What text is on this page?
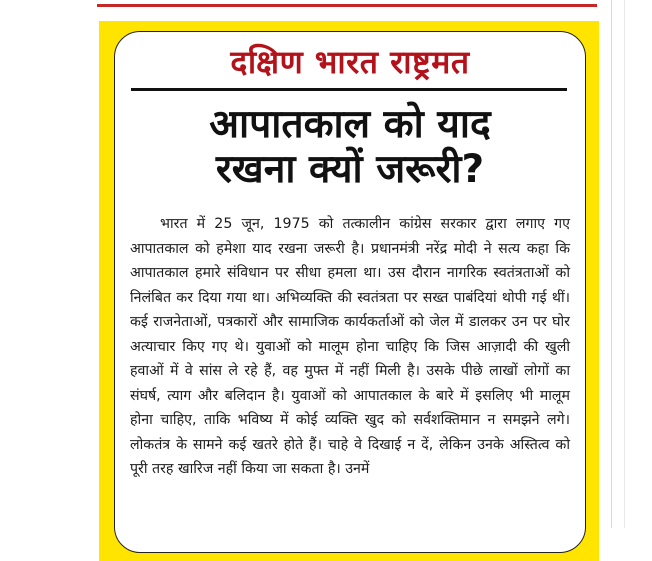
दक्षिण भारत राष्ट्रमत
आपातकाल को याद
रखना क्यों जरूरी?
भारत में 25 जून, 1975 को तत्कालीन कांग्रेस सरकार द्वारा लगाए गए आपातकाल को हमेशा याद रखना जरूरी है। प्रधानमंत्री नरेंद्र मोदी ने सत्य कहा कि आपातकाल हमारे संविधान पर सीधा हमला था। उस दौरान नागरिक स्वतंत्रताओं को निलंबित कर दिया गया था। अभिव्यक्ति की स्वतंत्रता पर सख्त पाबंदियां थोपी गई थीं। कई राजनेताओं, पत्रकारों और सामाजिक कार्यकर्ताओं को जेल में डालकर उन पर घोर अत्याचार किए गए थे। युवाओं को मालूम होना चाहिए कि जिस आज़ादी की खुली हवाओं में वे सांस ले रहे हैं, वह मुफ्त में नहीं मिली है। उसके पीछे लाखों लोगों का संघर्ष, त्याग और बलिदान है। युवाओं को आपातकाल के बारे में इसलिए भी मालूम होना चाहिए, ताकि भविष्य में कोई व्यक्ति खुद को सर्वशक्तिमान न समझने लगे। लोकतंत्र के सामने कई खतरे होते हैं। चाहे वे दिखाई न दें, लेकिन उनके अस्तित्व को पूरी तरह खारिज नहीं किया जा सकता है। उनमें
